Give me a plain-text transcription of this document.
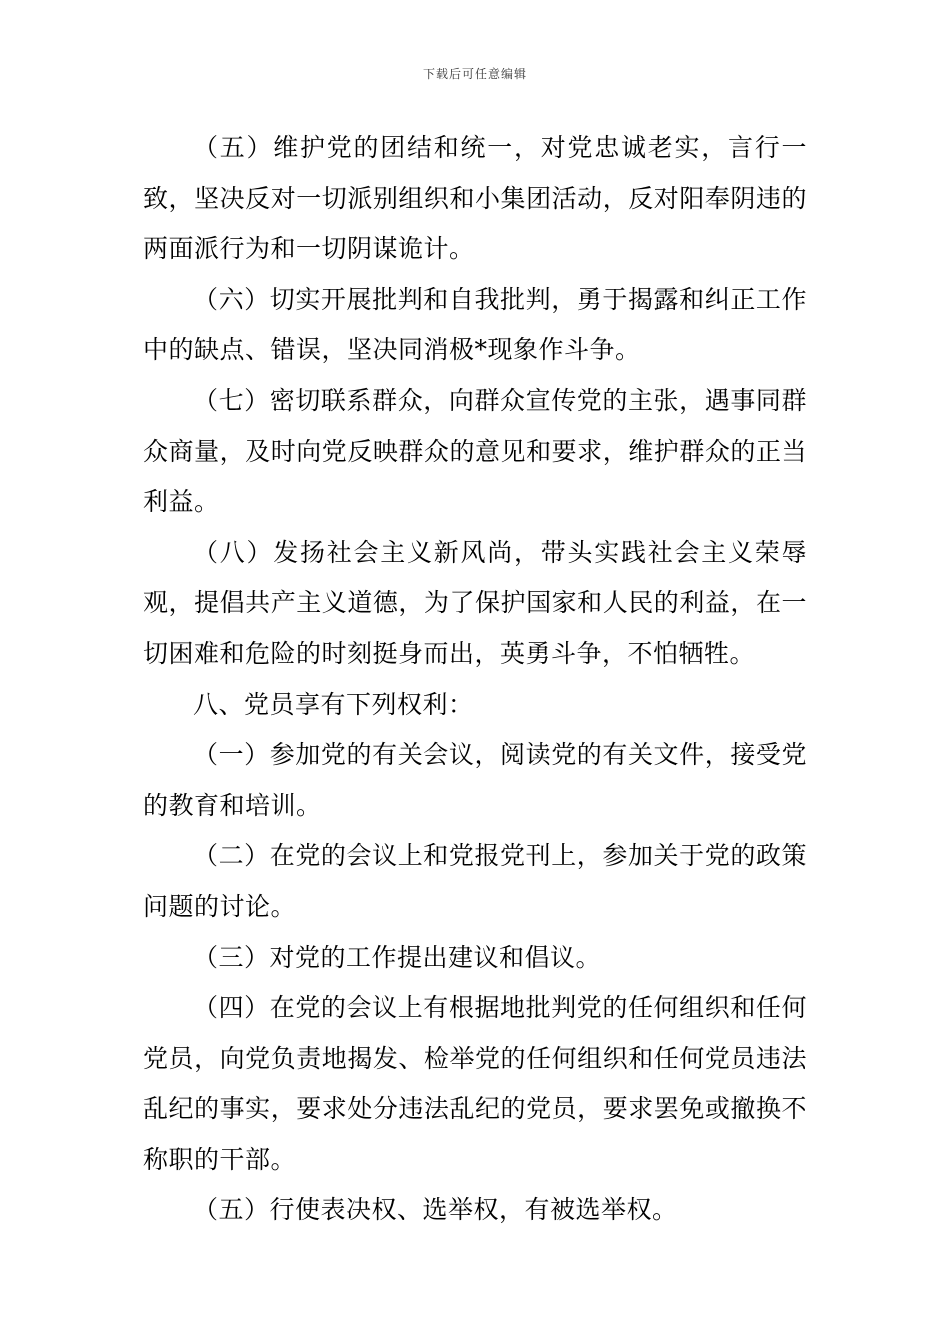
下载后可任意编辑

（五）维护党的团结和统一，对党忠诚老实，言行一致，坚决反对一切派别组织和小集团活动，反对阳奉阴违的两面派行为和一切阴谋诡计。

（六）切实开展批判和自我批判，勇于揭露和纠正工作中的缺点、错误，坚决同消极*现象作斗争。

（七）密切联系群众，向群众宣传党的主张，遇事同群众商量，及时向党反映群众的意见和要求，维护群众的正当利益。

（八）发扬社会主义新风尚，带头实践社会主义荣辱观，提倡共产主义道德，为了保护国家和人民的利益，在一切困难和危险的时刻挺身而出，英勇斗争，不怕牺牲。

八、党员享有下列权利：

（一）参加党的有关会议，阅读党的有关文件，接受党的教育和培训。

（二）在党的会议上和党报党刊上，参加关于党的政策问题的讨论。

（三）对党的工作提出建议和倡议。

（四）在党的会议上有根据地批判党的任何组织和任何党员，向党负责地揭发、检举党的任何组织和任何党员违法乱纪的事实，要求处分违法乱纪的党员，要求罢免或撤换不称职的干部。

（五）行使表决权、选举权，有被选举权。
